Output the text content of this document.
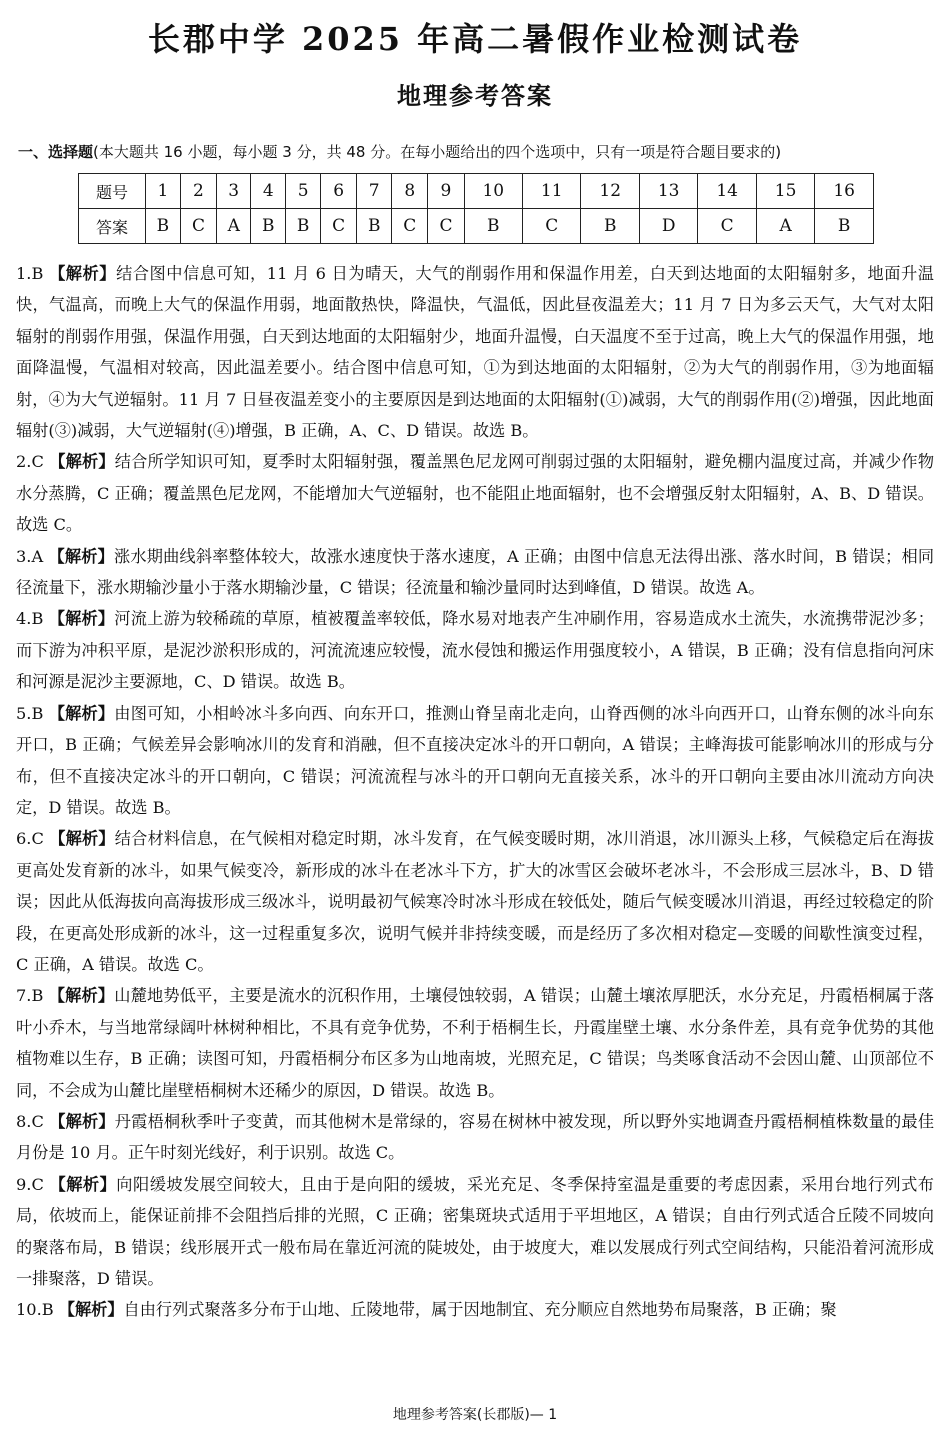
长郡中学 2025 年高二暑假作业检测试卷
地理参考答案
一、选择题(本大题共 16 小题，每小题 3 分，共 48 分。在每小题给出的四个选项中，只有一项是符合题目要求的)
题号	1	2	3	4	5	6	7	8	9	10	11	12	13	14	15	16
答案	B	C	A	B	B	C	B	C	C	B	C	B	D	C	A	B

1.B 【解析】结合图中信息可知，11 月 6 日为晴天，大气的削弱作用和保温作用差，白天到达地面的太阳辐射多，地面升温快，气温高，而晚上大气的保温作用弱，地面散热快，降温快，气温低，因此昼夜温差大；11 月 7 日为多云天气，大气对太阳辐射的削弱作用强，保温作用强，白天到达地面的太阳辐射少，地面升温慢，白天温度不至于过高，晚上大气的保温作用强，地面降温慢，气温相对较高，因此温差要小。结合图中信息可知，①为到达地面的太阳辐射，②为大气的削弱作用，③为地面辐射，④为大气逆辐射。11 月 7 日昼夜温差变小的主要原因是到达地面的太阳辐射(①)减弱，大气的削弱作用(②)增强，因此地面辐射(③)减弱，大气逆辐射(④)增强，B 正确，A、C、D 错误。故选 B。

2.C 【解析】结合所学知识可知，夏季时太阳辐射强，覆盖黑色尼龙网可削弱过强的太阳辐射，避免棚内温度过高，并减少作物水分蒸腾，C 正确；覆盖黑色尼龙网，不能增加大气逆辐射，也不能阻止地面辐射，也不会增强反射太阳辐射，A、B、D 错误。故选 C。

3.A 【解析】涨水期曲线斜率整体较大，故涨水速度快于落水速度，A 正确；由图中信息无法得出涨、落水时间，B 错误；相同径流量下，涨水期输沙量小于落水期输沙量，C 错误；径流量和输沙量同时达到峰值，D 错误。故选 A。

4.B 【解析】河流上游为较稀疏的草原，植被覆盖率较低，降水易对地表产生冲刷作用，容易造成水土流失，水流携带泥沙多；而下游为冲积平原，是泥沙淤积形成的，河流流速应较慢，流水侵蚀和搬运作用强度较小，A 错误，B 正确；没有信息指向河床和河源是泥沙主要源地，C、D 错误。故选 B。

5.B 【解析】由图可知，小相岭冰斗多向西、向东开口，推测山脊呈南北走向，山脊西侧的冰斗向西开口，山脊东侧的冰斗向东开口，B 正确；气候差异会影响冰川的发育和消融，但不直接决定冰斗的开口朝向，A 错误；主峰海拔可能影响冰川的形成与分布，但不直接决定冰斗的开口朝向，C 错误；河流流程与冰斗的开口朝向无直接关系，冰斗的开口朝向主要由冰川流动方向决定，D 错误。故选 B。

6.C 【解析】结合材料信息，在气候相对稳定时期，冰斗发育，在气候变暖时期，冰川消退，冰川源头上移，气候稳定后在海拔更高处发育新的冰斗，如果气候变冷，新形成的冰斗在老冰斗下方，扩大的冰雪区会破坏老冰斗，不会形成三层冰斗，B、D 错误；因此从低海拔向高海拔形成三级冰斗，说明最初气候寒冷时冰斗形成在较低处，随后气候变暖冰川消退，再经过较稳定的阶段，在更高处形成新的冰斗，这一过程重复多次，说明气候并非持续变暖，而是经历了多次相对稳定—变暖的间歇性演变过程，C 正确，A 错误。故选 C。

7.B 【解析】山麓地势低平，主要是流水的沉积作用，土壤侵蚀较弱，A 错误；山麓土壤浓厚肥沃，水分充足，丹霞梧桐属于落叶小乔木，与当地常绿阔叶林树种相比，不具有竞争优势，不利于梧桐生长，丹霞崖壁土壤、水分条件差，具有竞争优势的其他植物难以生存，B 正确；读图可知，丹霞梧桐分布区多为山地南坡，光照充足，C 错误；鸟类啄食活动不会因山麓、山顶部位不同，不会成为山麓比崖壁梧桐树木还稀少的原因，D 错误。故选 B。

8.C 【解析】丹霞梧桐秋季叶子变黄，而其他树木是常绿的，容易在树林中被发现，所以野外实地调查丹霞梧桐植株数量的最佳月份是 10 月。正午时刻光线好，利于识别。故选 C。

9.C 【解析】向阳缓坡发展空间较大，且由于是向阳的缓坡，采光充足、冬季保持室温是重要的考虑因素，采用台地行列式布局，依坡而上，能保证前排不会阻挡后排的光照，C 正确；密集斑块式适用于平坦地区，A 错误；自由行列式适合丘陵不同坡向的聚落布局，B 错误；线形展开式一般布局在靠近河流的陡坡处，由于坡度大，难以发展成行列式空间结构，只能沿着河流形成一排聚落，D 错误。

10.B 【解析】自由行列式聚落多分布于山地、丘陵地带，属于因地制宜、充分顺应自然地势布局聚落，B 正确；聚

地理参考答案(长郡版)— 1
